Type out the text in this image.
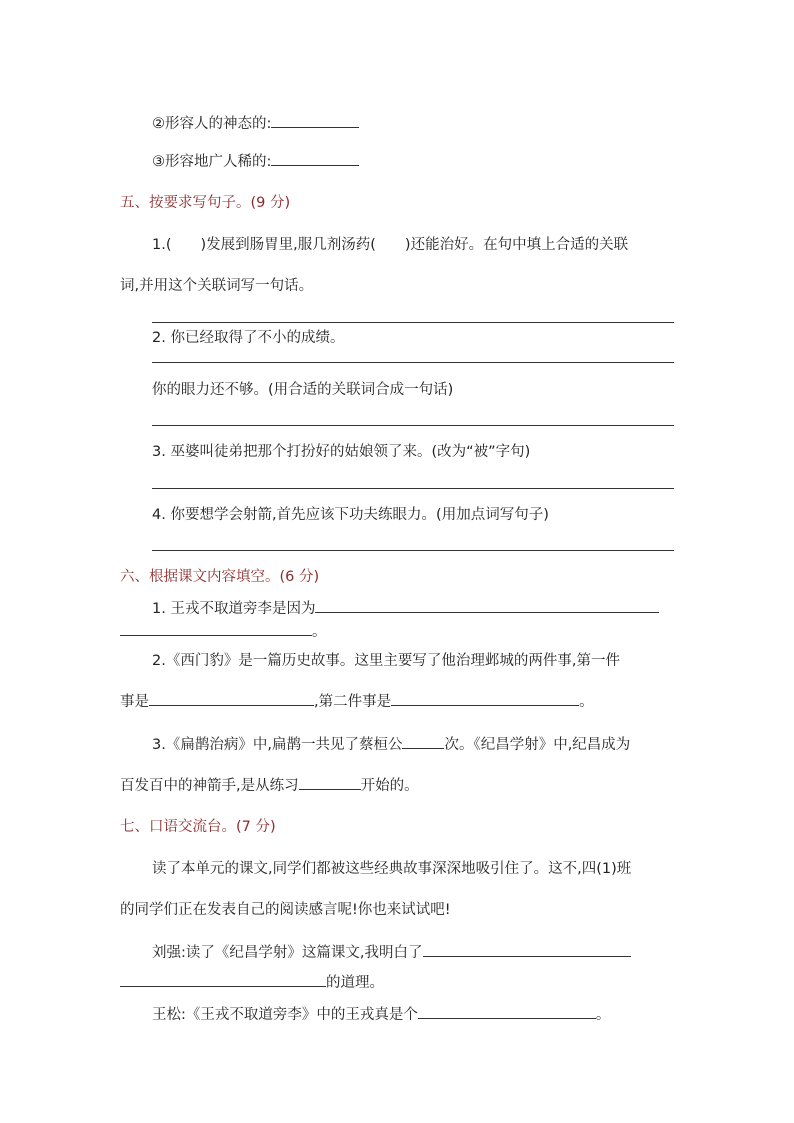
②形容人的神态的:
③形容地广人稀的:
五、按要求写句子。(9 分)
1.(　　)发展到肠胃里,服几剂汤药(　　)还能治好。在句中填上合适的关联
词,并用这个关联词写一句话。
2. 你已经取得了不小的成绩。
你的眼力还不够。(用合适的关联词合成一句话)
3. 巫婆叫徒弟把那个打扮好的姑娘领了来。(改为“被”字句)
4. 你要想学会射箭,首先应该下功夫练眼力。(用加点词写句子)
六、根据课文内容填空。(6 分)
1. 王戎不取道旁李是因为
。
2.《西门豹》是一篇历史故事。这里主要写了他治理邺城的两件事,第一件
事是	,第二件事是	。
3.《扁鹊治病》中,扁鹊一共见了蔡桓公	次。《纪昌学射》中,纪昌成为
百发百中的神箭手,是从练习	开始的。
七、口语交流台。(7 分)
读了本单元的课文,同学们都被这些经典故事深深地吸引住了。这不,四(1)班
的同学们正在发表自己的阅读感言呢!你也来试试吧!
刘强:读了《纪昌学射》这篇课文,我明白了
的道理。
王松:《王戎不取道旁李》中的王戎真是个	。
